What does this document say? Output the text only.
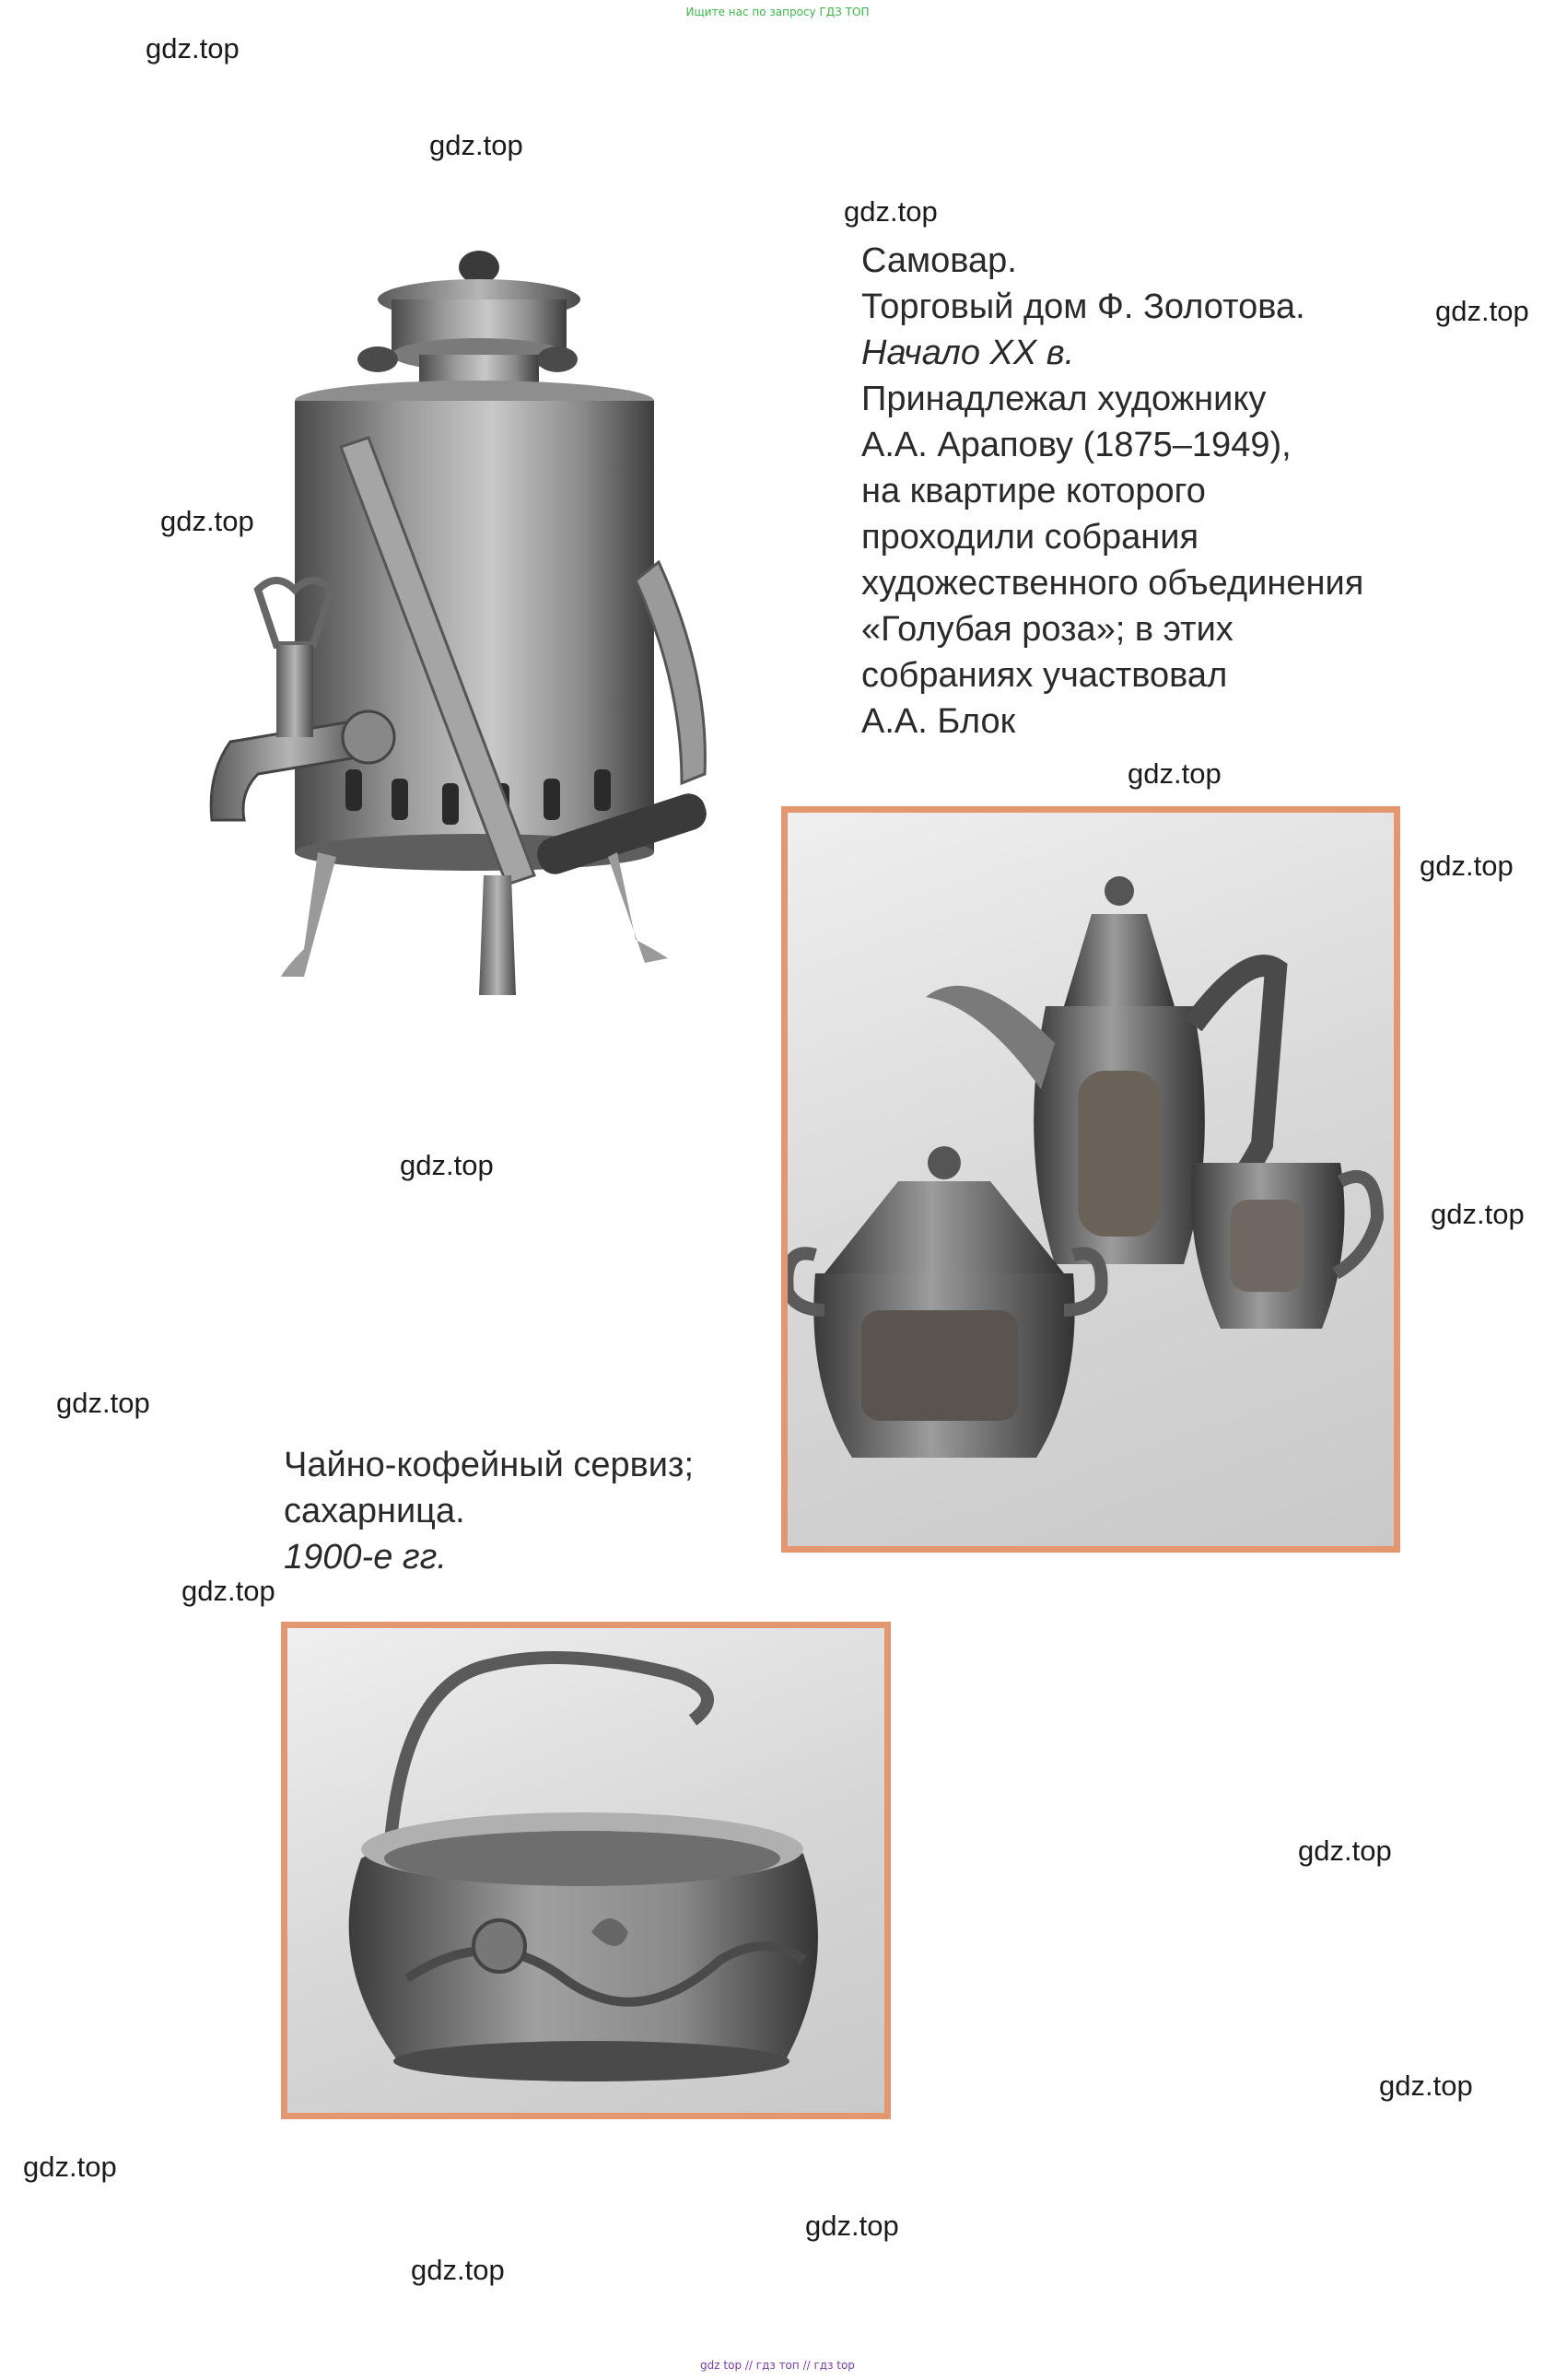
Ищите нас по запросу ГДЗ ТОП
gdz.top
gdz.top
gdz.top
gdz.top
gdz.top
gdz.top
gdz.top
gdz.top
gdz.top
gdz.top
gdz.top
gdz.top
gdz.top
gdz.top
gdz.top
gdz.top
Самовар.
Торговый дом Ф. Золотова.
Начало XX в.
Принадлежал художнику
А.А. Арапову (1875–1949),
на квартире которого
проходили собрания
художественного объединения
«Голубая роза»; в этих
собраниях участвовал
А.А. Блок
Чайно-кофейный сервиз;
сахарница.
1900-е гг.
gdz top // гдз топ // гдз top
